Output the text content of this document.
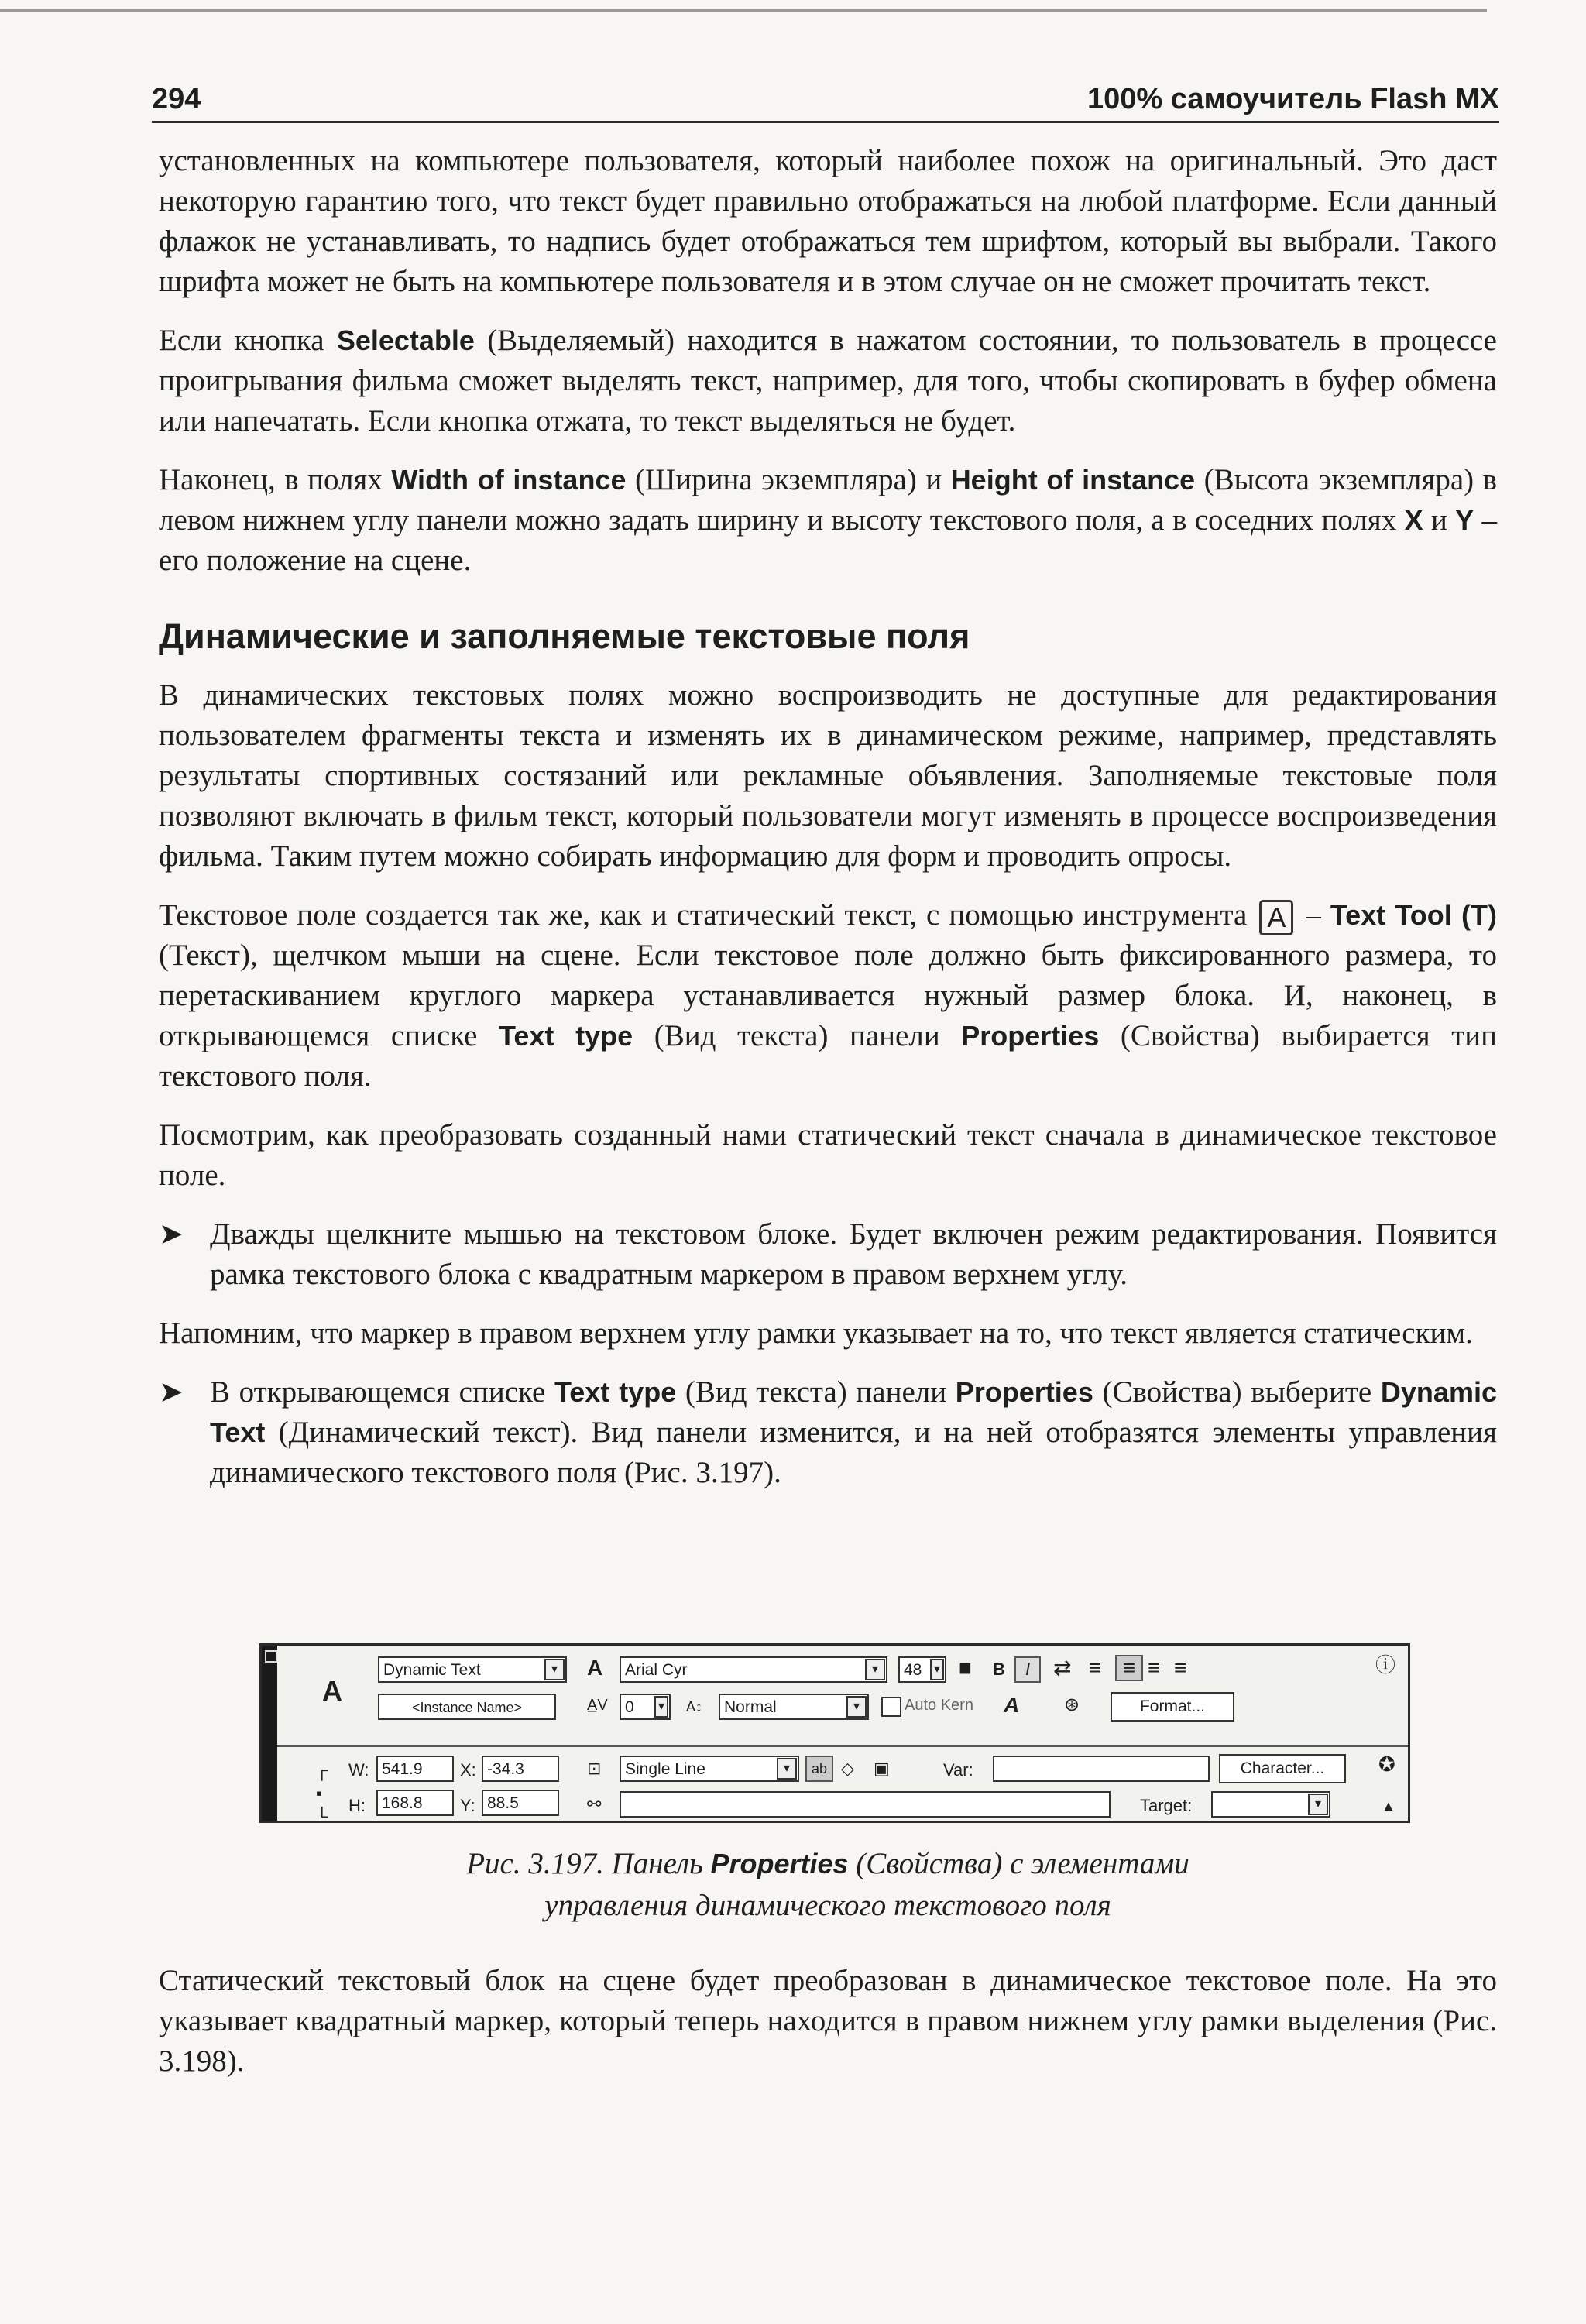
294	100% самоучитель Flash MX

установленных на компьютере пользователя, который наиболее похож на оригинальный. Это даст некоторую гарантию того, что текст будет правильно отображаться на любой платформе. Если данный флажок не устанавливать, то надпись будет отображаться тем шрифтом, который вы выбрали. Такого шрифта может не быть на компьютере пользователя и в этом случае он не сможет прочитать текст.

Если кнопка Selectable (Выделяемый) находится в нажатом состоянии, то пользователь в процессе проигрывания фильма сможет выделять текст, например, для того, чтобы скопировать в буфер обмена или напечатать. Если кнопка отжата, то текст выделяться не будет.

Наконец, в полях Width of instance (Ширина экземпляра) и Height of instance (Высота экземпляра) в левом нижнем углу панели можно задать ширину и высоту текстового поля, а в соседних полях X и Y – его положение на сцене.

Динамические и заполняемые текстовые поля

В динамических текстовых полях можно воспроизводить не доступные для редактирования пользователем фрагменты текста и изменять их в динамическом режиме, например, представлять результаты спортивных состязаний или рекламные объявления. Заполняемые текстовые поля позволяют включать в фильм текст, который пользователи могут изменять в процессе воспроизведения фильма. Таким путем можно собирать информацию для форм и проводить опросы.

Текстовое поле создается так же, как и статический текст, с помощью инструмента A – Text Tool (T) (Текст), щелчком мыши на сцене. Если текстовое поле должно быть фиксированного размера, то перетаскиванием круглого маркера устанавливается нужный размер блока. И, наконец, в открывающемся списке Text type (Вид текста) панели Properties (Свойства) выбирается тип текстового поля.

Посмотрим, как преобразовать созданный нами статический текст сначала в динамическое текстовое поле.

➤ Дважды щелкните мышью на текстовом блоке. Будет включен режим редактирования. Появится рамка текстового блока с квадратным маркером в правом верхнем углу.

Напомним, что маркер в правом верхнем углу рамки указывает на то, что текст является статическим.

➤ В открывающемся списке Text type (Вид текста) панели Properties (Свойства) выберите Dynamic Text (Динамический текст). Вид панели изменится, и на ней отобразятся элементы управления динамического текстового поля (Рис. 3.197).

A
Dynamic Text	▾
<Instance Name>
A	Arial Cyr	▾	48 ▾ ■ B	I	⇄ ≡ ≡ ≡ ≡	ⓘ
A̲V	0	▾ A↕	Normal	▾	Auto Kern A ⊛	Format...
┌
▪
└
W: 541.9	X: -34.3
H:	168.8	Y: 88.5
⊡	Single Line	▾	ab ◇ ▣	Var:	Character...	✪
⚯	Target:	▾	▲
Рис. 3.197. Панель Properties (Свойства) с элементами
управления динамического текстового поля

Статический текстовый блок на сцене будет преобразован в динамическое текстовое поле. На это указывает квадратный маркер, который теперь находится в правом нижнем углу рамки выделения (Рис. 3.198).
